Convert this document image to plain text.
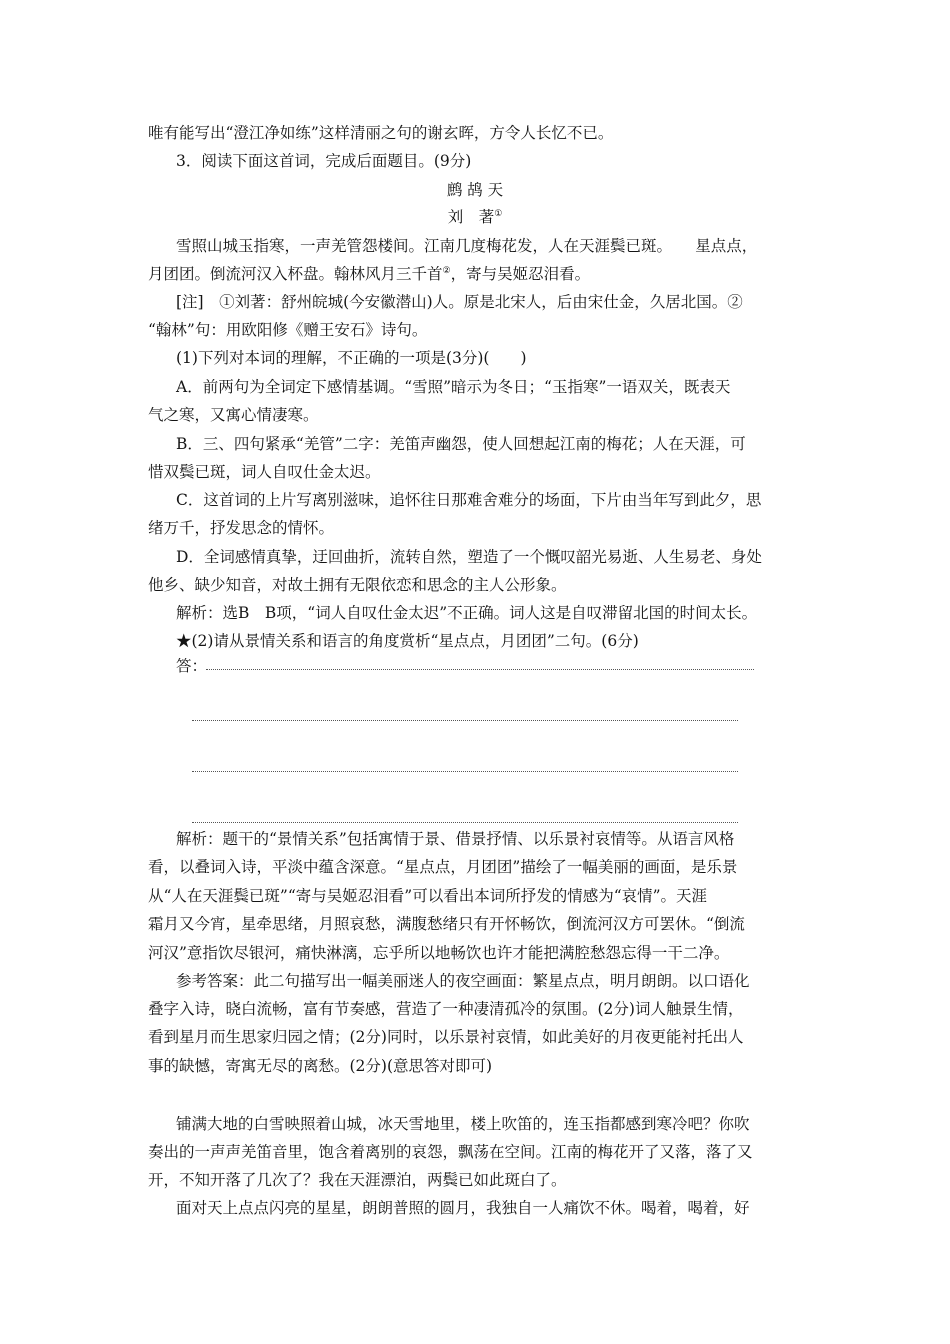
唯有能写出“澄江净如练”这样清丽之句的谢玄晖，方令人长忆不已。
3．阅读下面这首词，完成后面题目。(9分)
鹧 鸪 天
刘　著①
雪照山城玉指寒，一声羌管怨楼间。江南几度梅花发，人在天涯鬓已斑。　　星点点，
月团团。倒流河汉入杯盘。翰林风月三千首②，寄与吴姬忍泪看。
[注]　①刘著：舒州皖城(今安徽潜山)人。原是北宋人，后由宋仕金，久居北国。②
“翰林”句：用欧阳修《赠王安石》诗句。
(1)下列对本词的理解，不正确的一项是(3分)(　　)
A．前两句为全词定下感情基调。“雪照”暗示为冬日；“玉指寒”一语双关，既表天
气之寒，又寓心情凄寒。
B．三、四句紧承“羌管”二字：羌笛声幽怨，使人回想起江南的梅花；人在天涯，可
惜双鬓已斑，词人自叹仕金太迟。
C．这首词的上片写离别滋味，追怀往日那难舍难分的场面，下片由当年写到此夕，思
绪万千，抒发思念的情怀。
D．全词感情真挚，迂回曲折，流转自然，塑造了一个慨叹韶光易逝、人生易老、身处
他乡、缺少知音，对故土拥有无限依恋和思念的主人公形象。
解析：选B　B项，“词人自叹仕金太迟”不正确。词人这是自叹滞留北国的时间太长。
★(2)请从景情关系和语言的角度赏析“星点点，月团团”二句。(6分)
答：
解析：题干的“景情关系”包括寓情于景、借景抒情、以乐景衬哀情等。从语言风格
看，以叠词入诗，平淡中蕴含深意。“星点点，月团团”描绘了一幅美丽的画面，是乐景
从“人在天涯鬓已斑”“寄与吴姬忍泪看”可以看出本词所抒发的情感为“哀情”。天涯
霜月又今宵，星牵思绪，月照哀愁，满腹愁绪只有开怀畅饮，倒流河汉方可罢休。“倒流
河汉”意指饮尽银河，痛快淋漓，忘乎所以地畅饮也许才能把满腔愁怨忘得一干二净。
参考答案：此二句描写出一幅美丽迷人的夜空画面：繁星点点，明月朗朗。以口语化
叠字入诗，晓白流畅，富有节奏感，营造了一种凄清孤冷的氛围。(2分)词人触景生情，
看到星月而生思家归园之情；(2分)同时，以乐景衬哀情，如此美好的月夜更能衬托出人
事的缺憾，寄寓无尽的离愁。(2分)(意思答对即可)
铺满大地的白雪映照着山城，冰天雪地里，楼上吹笛的，连玉指都感到寒冷吧？你吹
奏出的一声声羌笛音里，饱含着离别的哀怨，飘荡在空间。江南的梅花开了又落，落了又
开，不知开落了几次了？我在天涯漂泊，两鬓已如此斑白了。
面对天上点点闪亮的星星，朗朗普照的圆月，我独自一人痛饮不休。喝着，喝着，好
